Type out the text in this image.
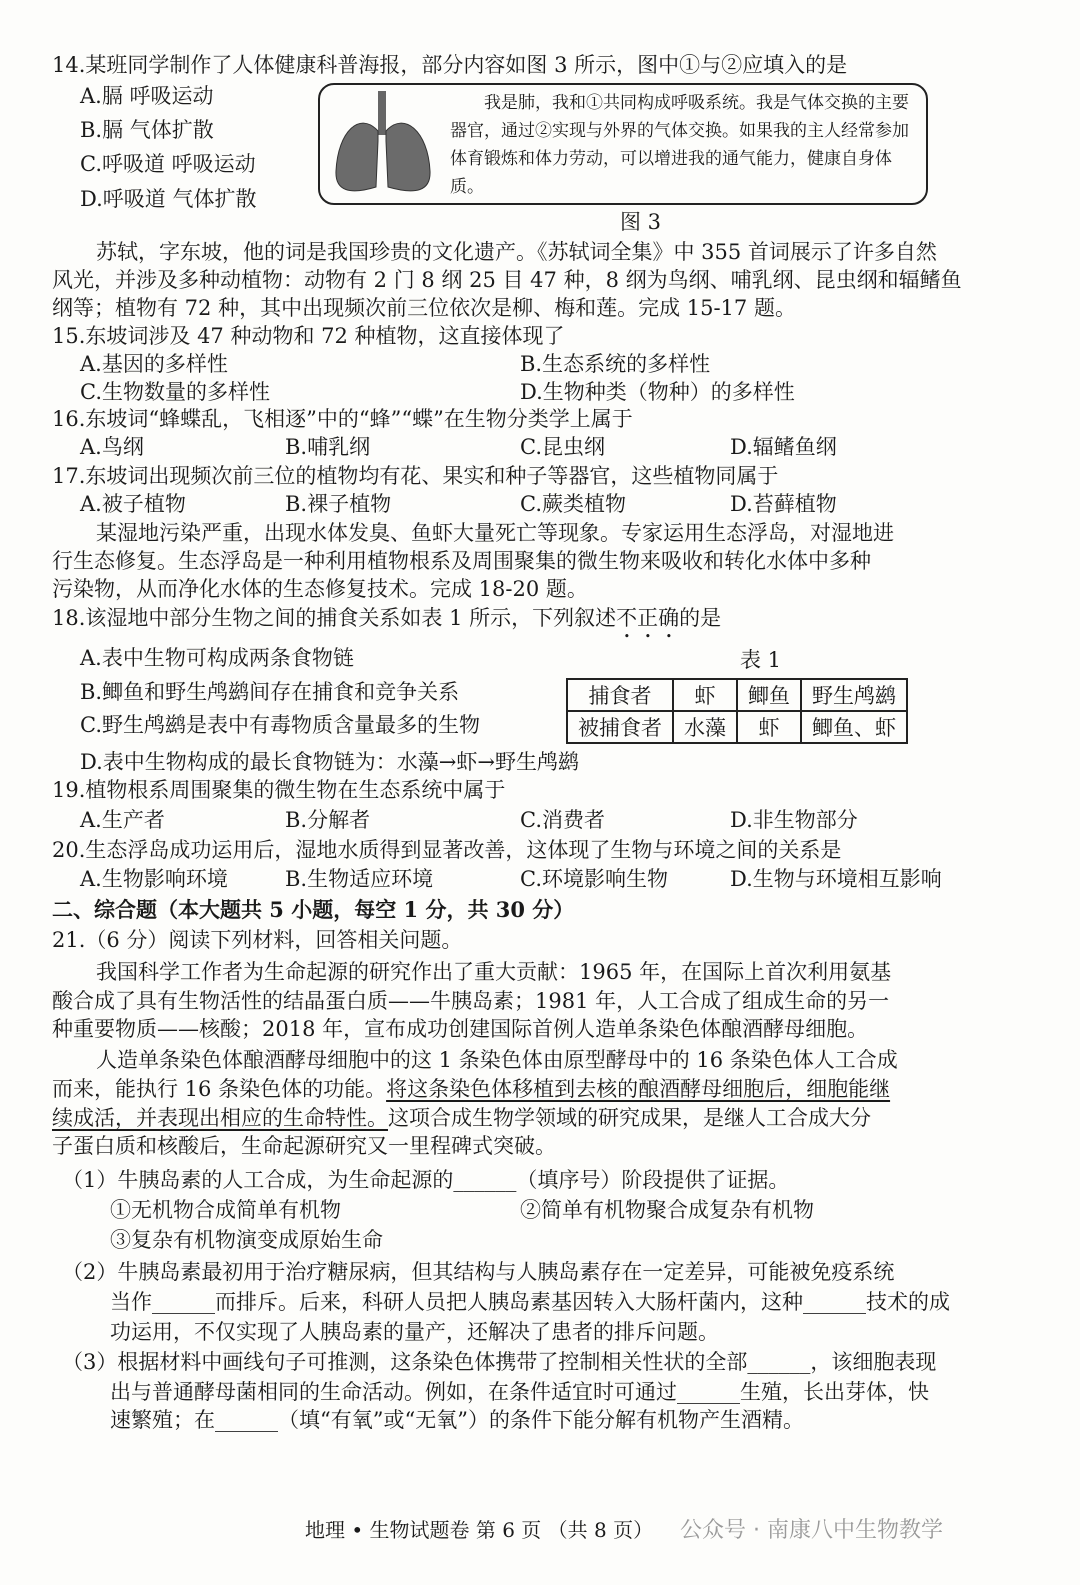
14.某班同学制作了人体健康科普海报，部分内容如图 3 所示，图中①与②应填入的是
A.膈 呼吸运动
B.膈 气体扩散
C.呼吸道 呼吸运动
D.呼吸道 气体扩散
我是肺，我和①共同构成呼吸系统。我是气体交换的主要器官，通过②实现与外界的气体交换。如果我的主人经常参加体育锻炼和体力劳动，可以增进我的通气能力，健康自身体质。
图 3
苏轼，字东坡，他的词是我国珍贵的文化遗产。《苏轼词全集》中 355 首词展示了许多自然
风光，并涉及多种动植物：动物有 2 门 8 纲 25 目 47 种，8 纲为鸟纲、哺乳纲、昆虫纲和辐鳍鱼
纲等；植物有 72 种，其中出现频次前三位依次是柳、梅和莲。完成 15-17 题。
15.东坡词涉及 47 种动物和 72 种植物，这直接体现了
A.基因的多样性	B.生态系统的多样性
C.生物数量的多样性	D.生物种类（物种）的多样性
16.东坡词“蜂蝶乱，飞相逐”中的“蜂”“蝶”在生物分类学上属于
A.鸟纲	B.哺乳纲	C.昆虫纲	D.辐鳍鱼纲
17.东坡词出现频次前三位的植物均有花、果实和种子等器官，这些植物同属于
A.被子植物	B.裸子植物	C.蕨类植物	D.苔藓植物
某湿地污染严重，出现水体发臭、鱼虾大量死亡等现象。专家运用生态浮岛，对湿地进
行生态修复。生态浮岛是一种利用植物根系及周围聚集的微生物来吸收和转化水体中多种
污染物，从而净化水体的生态修复技术。完成 18-20 题。
18.该湿地中部分生物之间的捕食关系如表 1 所示，下列叙述不正确的是
A.表中生物可构成两条食物链	表 1
B.鲫鱼和野生鸬鹚间存在捕食和竞争关系	捕食者	虾	鲫鱼	野生鸬鹚
被捕食者	水藻	虾	鲫鱼、虾
C.野生鸬鹚是表中有毒物质含量最多的生物
D.表中生物构成的最长食物链为：水藻→虾→野生鸬鹚
19.植物根系周围聚集的微生物在生态系统中属于
A.生产者	B.分解者	C.消费者	D.非生物部分
20.生态浮岛成功运用后，湿地水质得到显著改善，这体现了生物与环境之间的关系是
A.生物影响环境	B.生物适应环境	C.环境影响生物	D.生物与环境相互影响
二、综合题（本大题共 5 小题，每空 1 分，共 30 分）
21.（6 分）阅读下列材料，回答相关问题。
我国科学工作者为生命起源的研究作出了重大贡献：1965 年，在国际上首次利用氨基
酸合成了具有生物活性的结晶蛋白质——牛胰岛素；1981 年，人工合成了组成生命的另一
种重要物质——核酸；2018 年，宣布成功创建国际首例人造单条染色体酿酒酵母细胞。
人造单条染色体酿酒酵母细胞中的这 1 条染色体由原型酵母中的 16 条染色体人工合成
而来，能执行 16 条染色体的功能。将这条染色体移植到去核的酿酒酵母细胞后，细胞能继
续成活，并表现出相应的生命特性。这项合成生物学领域的研究成果，是继人工合成大分
子蛋白质和核酸后，生命起源研究又一里程碑式突破。
（1）牛胰岛素的人工合成，为生命起源的______（填序号）阶段提供了证据。
①无机物合成简单有机物	②简单有机物聚合成复杂有机物
③复杂有机物演变成原始生命
（2）牛胰岛素最初用于治疗糖尿病，但其结构与人胰岛素存在一定差异，可能被免疫系统
当作______而排斥。后来，科研人员把人胰岛素基因转入大肠杆菌内，这种______技术的成
功运用，不仅实现了人胰岛素的量产，还解决了患者的排斥问题。
（3）根据材料中画线句子可推测，这条染色体携带了控制相关性状的全部______，该细胞表现
出与普通酵母菌相同的生命活动。例如，在条件适宜时可通过______生殖，长出芽体，快
速繁殖；在______（填“有氧”或“无氧”）的条件下能分解有机物产生酒精。
地理 • 生物试题卷 第 6 页 （共 8 页） 公众号 · 南康八中生物教学
